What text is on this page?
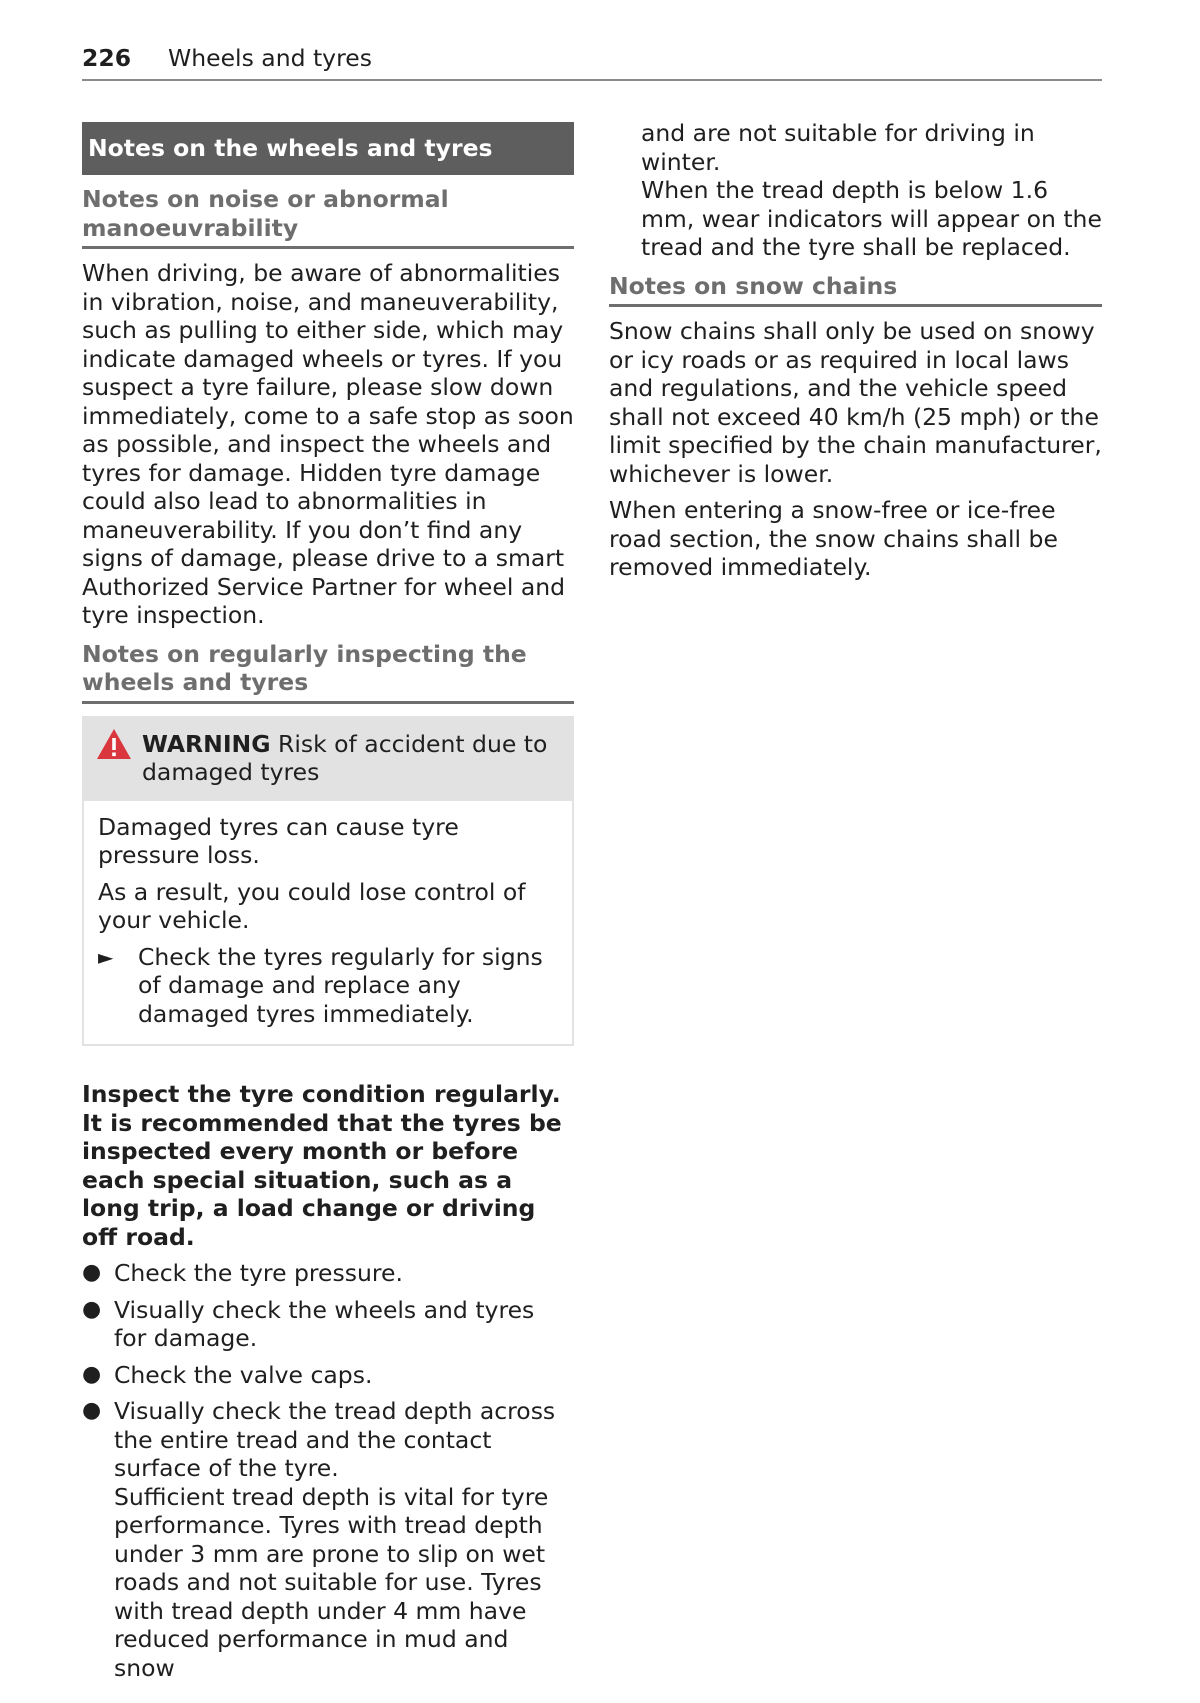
226	Wheels and tyres
Notes on the wheels and tyres
Notes on noise or abnormal manoeuvrability

When driving, be aware of abnormalities in vibration, noise, and maneuverability, such as pulling to either side, which may indicate damaged wheels or tyres. If you suspect a tyre failure, please slow down immediately, come to a safe stop as soon as possible, and inspect the wheels and tyres for damage. Hidden tyre damage could also lead to abnormalities in maneuverability. If you don’t find any signs of damage, please drive to a smart Authorized Service Partner for wheel and tyre inspection.

Notes on regularly inspecting the wheels and tyres
WARNING Risk of accident due to damaged tyres

Damaged tyres can cause tyre pressure loss.

As a result, you could lose control of your vehicle.

►	Check the tyres regularly for signs of damage and replace any damaged tyres immediately.

Inspect the tyre condition regularly. It is recommended that the tyres be inspected every month or before each special situation, such as a long trip, a load change or driving off road.

● Check the tyre pressure.
● Visually check the wheels and tyres for damage.
● Check the valve caps.
● Visually check the tread depth across the entire tread and the contact surface of the tyre.
Sufficient tread depth is vital for tyre performance. Tyres with tread depth under 3 mm are prone to slip on wet roads and not suitable for use. Tyres with tread depth under 4 mm have reduced performance in mud and snow
and are not suitable for driving in winter.
When the tread depth is below 1.6 mm, wear indicators will appear on the tread and the tyre shall be replaced.
Notes on snow chains

Snow chains shall only be used on snowy or icy roads or as required in local laws and regulations, and the vehicle speed shall not exceed 40 km/h (25 mph) or the limit specified by the chain manufacturer, whichever is lower.

When entering a snow-free or ice-free road section, the snow chains shall be removed immediately.
